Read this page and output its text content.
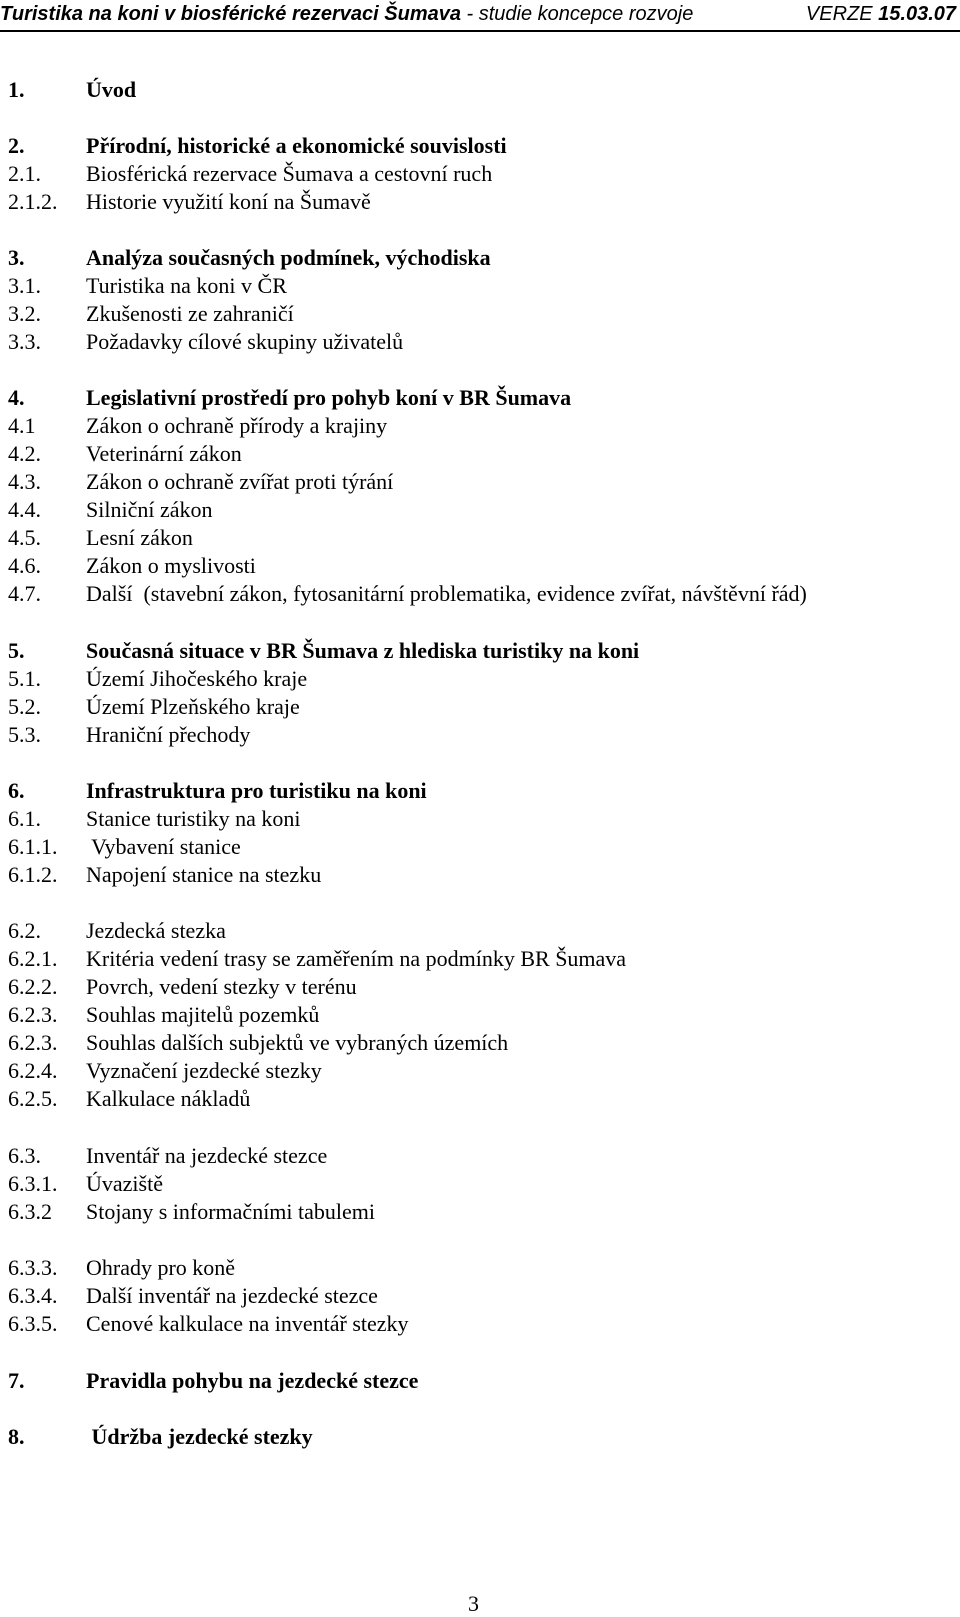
Turistika na koni v biosférické rezervaci Šumava - studie koncepce rozvoje	VERZE 15.03.07
1.	Úvod
2.	Přírodní, historické a ekonomické souvislosti
2.1. Biosférická rezervace Šumava a cestovní ruch
2.1.2. Historie využití koní na Šumavě
3.	Analýza současných podmínek, východiska
3.1. Turistika na koni v ČR
3.2. Zkušenosti ze zahraničí
3.3. Požadavky cílové skupiny uživatelů
4.	Legislativní prostředí pro pohyb koní v BR Šumava
4.1 Zákon o ochraně přírody a krajiny
4.2. Veterinární zákon
4.3. Zákon o ochraně zvířat proti týrání
4.4. Silniční zákon
4.5. Lesní zákon
4.6. Zákon o myslivosti
4.7. Další  (stavební zákon, fytosanitární problematika, evidence zvířat, návštěvní řád)
5.	Současná situace v BR Šumava z hlediska turistiky na koni
5.1. Území Jihočeského kraje
5.2. Území Plzeňského kraje
5.3. Hraniční přechody
6.	Infrastruktura pro turistiku na koni
6.1. Stanice turistiky na koni
6.1.1. Vybavení stanice
6.1.2. Napojení stanice na stezku
6.2. Jezdecká stezka
6.2.1. Kritéria vedení trasy se zaměřením na podmínky BR Šumava
6.2.2. Povrch, vedení stezky v terénu
6.2.3. Souhlas majitelů pozemků
6.2.3. Souhlas dalších subjektů ve vybraných územích
6.2.4. Vyznačení jezdecké stezky
6.2.5. Kalkulace nákladů
6.3. Inventář na jezdecké stezce
6.3.1. Úvaziště
6.3.2 Stojany s informačními tabulemi
6.3.3. Ohrady pro koně
6.3.4. Další inventář na jezdecké stezce
6.3.5. Cenové kalkulace na inventář stezky
7.	Pravidla pohybu na jezdecké stezce
8.	Údržba jezdecké stezky
3
